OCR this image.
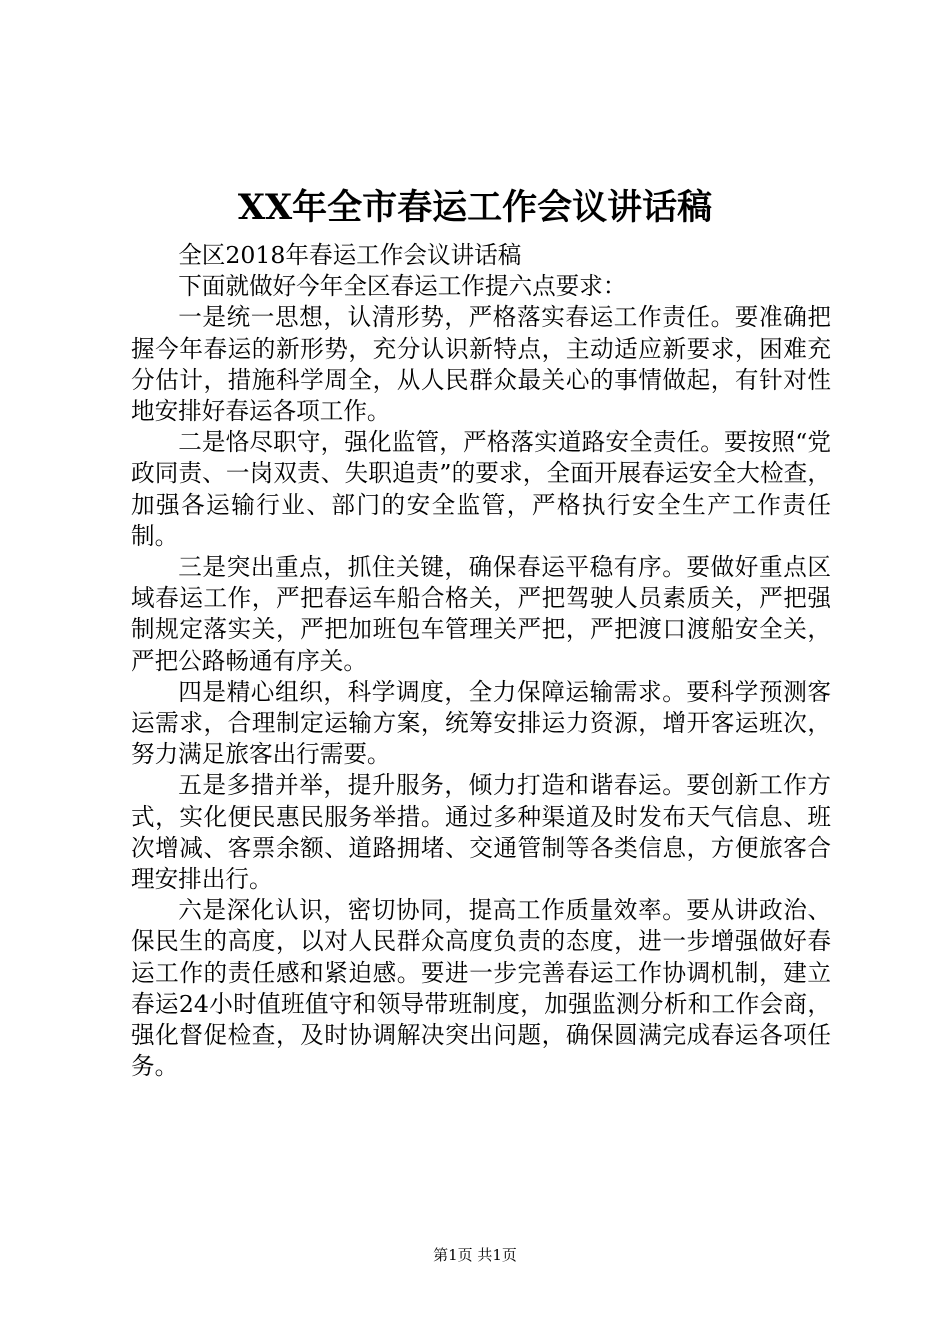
XX年全市春运工作会议讲话稿

全区2018年春运工作会议讲话稿

下面就做好今年全区春运工作提六点要求：

一是统一思想，认清形势，严格落实春运工作责任。要准确把握今年春运的新形势，充分认识新特点，主动适应新要求，困难充分估计，措施科学周全，从人民群众最关心的事情做起，有针对性地安排好春运各项工作。

二是恪尽职守，强化监管，严格落实道路安全责任。要按照“党政同责、一岗双责、失职追责”的要求，全面开展春运安全大检查，加强各运输行业、部门的安全监管，严格执行安全生产工作责任制。

三是突出重点，抓住关键，确保春运平稳有序。要做好重点区域春运工作，严把春运车船合格关，严把驾驶人员素质关，严把强制规定落实关，严把加班包车管理关严把，严把渡口渡船安全关，严把公路畅通有序关。

四是精心组织，科学调度，全力保障运输需求。要科学预测客运需求，合理制定运输方案，统筹安排运力资源，增开客运班次，努力满足旅客出行需要。

五是多措并举，提升服务，倾力打造和谐春运。要创新工作方式，实化便民惠民服务举措。通过多种渠道及时发布天气信息、班次增减、客票余额、道路拥堵、交通管制等各类信息，方便旅客合理安排出行。

六是深化认识，密切协同，提高工作质量效率。要从讲政治、保民生的高度，以对人民群众高度负责的态度，进一步增强做好春运工作的责任感和紧迫感。要进一步完善春运工作协调机制，建立春运24小时值班值守和领导带班制度，加强监测分析和工作会商，强化督促检查，及时协调解决突出问题，确保圆满完成春运各项任务。

第1页 共1页
